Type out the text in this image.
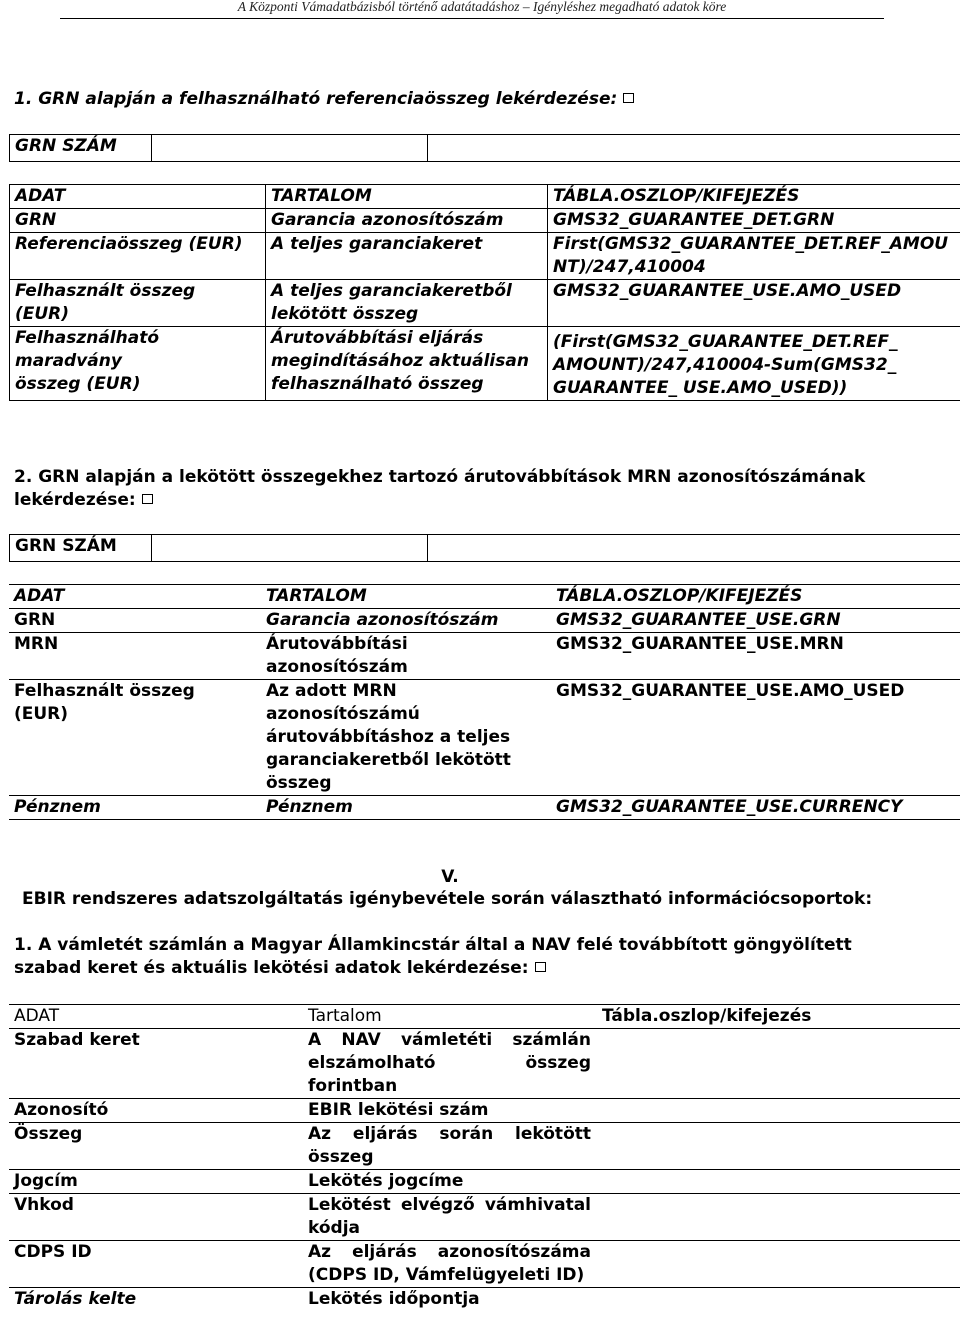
A Központi Vámadatbázisból történő adatátadáshoz – Igényléshez megadható adatok köre

1. GRN alapján a felhasználható referenciaösszeg lekérdezése:

GRN SZÁM		
ADAT	TARTALOM	TÁBLA.OSZLOP/KIFEJEZÉS
GRN	Garancia azonosítószám	GMS32_GUARANTEE_DET.GRN
Referenciaösszeg (EUR)	A teljes garanciakeret	First(GMS32_GUARANTEE_DET.REF_AMOUNT)/247,410004
Felhasznált összeg (EUR)	A teljes garanciakeretből lekötött összeg	GMS32_GUARANTEE_USE.AMO_USED
Felhasználható maradvány összeg (EUR)	Árutovábbítási eljárás megindításához aktuálisan felhasználható összeg	(First(GMS32_GUARANTEE_DET.REF_ AMOUNT)/247,410004-Sum(GMS32_ GUARANTEE_ USE.AMO_USED))

2. GRN alapján a lekötött összegekhez tartozó árutovábbítások MRN azonosítószámának lekérdezése:

GRN SZÁM		
ADAT	TARTALOM	TÁBLA.OSZLOP/KIFEJEZÉS
GRN	Garancia azonosítószám	GMS32_GUARANTEE_USE.GRN
MRN	Árutovábbítási azonosítószám	GMS32_GUARANTEE_USE.MRN
Felhasznált összeg (EUR)	Az adott MRN azonosítószámú árutovábbításhoz a teljes garanciakeretből lekötött összeg	GMS32_GUARANTEE_USE.AMO_USED
Pénznem	Pénznem	GMS32_GUARANTEE_USE.CURRENCY

V.

EBIR rendszeres adatszolgáltatás igénybevétele során választható információcsoportok:

1. A vámletét számlán a Magyar Államkincstár által a NAV felé továbbított göngyölített szabad keret és aktuális lekötési adatok lekérdezése:

ADAT	Tartalom	Tábla.oszlop/kifejezés
Szabad keret	A NAV vámletéti számlán elszámolható összeg forintban	
Azonosító	EBIR lekötési szám	
Összeg	Az eljárás során lekötött összeg	
Jogcím	Lekötés jogcíme	
Vhkod	Lekötést elvégző vámhivatal kódja	
CDPS ID	Az eljárás azonosítószáma (CDPS ID, Vámfelügyeleti ID)	
Tárolás kelte	Lekötés időpontja	
